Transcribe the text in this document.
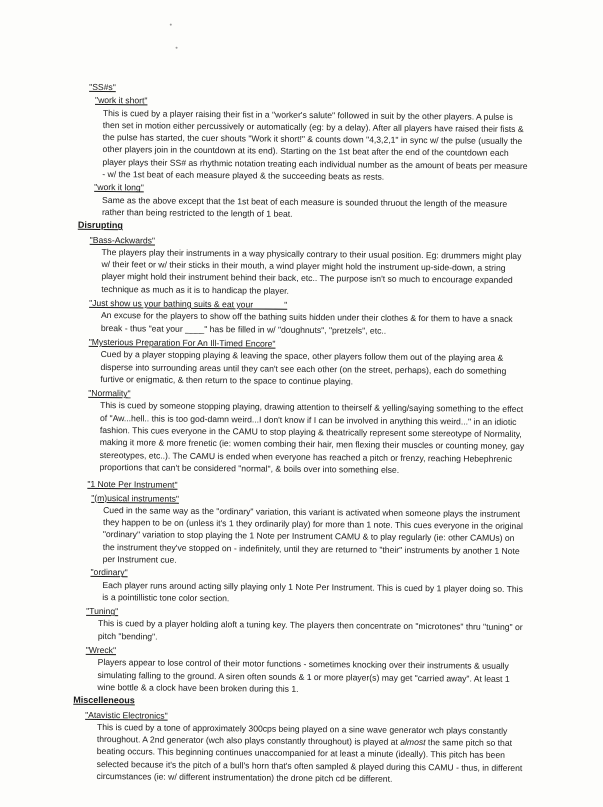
"SS#s"
"work it short"
This is cued by a player raising their fist in a "worker's salute" followed in suit by the other players. A pulse is then set in motion either percussively or automatically (eg: by a delay). After all players have raised their fists & the pulse has started, the cuer shouts "Work it short!" & counts down "4,3,2,1" in sync w/ the pulse (usually the other players join in the countdown at its end). Starting on the 1st beat after the end of the countdown each player plays their SS# as rhythmic notation treating each individual number as the amount of beats per measure - w/ the 1st beat of each measure played & the succeeding beats as rests.
"work it long"
Same as the above except that the 1st beat of each measure is sounded thruout the length of the measure rather than being restricted to the length of 1 beat.
Disrupting
"Bass-Ackwards"
The players play their instruments in a way physically contrary to their usual position. Eg: drummers might play w/ their feet or w/ their sticks in their mouth, a wind player might hold the instrument up-side-down, a string player might hold their instrument behind their back, etc.. The purpose isn't so much to encourage expanded technique as much as it is to handicap the player.
"Just show us your bathing suits & eat your ______"
An excuse for the players to show off the bathing suits hidden under their clothes & for them to have a snack break - thus "eat your ____" has be filled in w/ "doughnuts", "pretzels", etc..
"Mysterious Preparation For An Ill-Timed Encore"
Cued by a player stopping playing & leaving the space, other players follow them out of the playing area & disperse into surrounding areas until they can't see each other (on the street, perhaps), each do something furtive or enigmatic, & then return to the space to continue playing.
"Normality"
This is cued by someone stopping playing, drawing attention to theirself & yelling/saying something to the effect of "Aw...hell.. this is too god-damn weird...I don't know if I can be involved in anything this weird..." in an idiotic fashion. This cues everyone in the CAMU to stop playing & theatrically represent some stereotype of Normality, making it more & more frenetic (ie: women combing their hair, men flexing their muscles or counting money, gay stereotypes, etc..). The CAMU is ended when everyone has reached a pitch or frenzy, reaching Hebephrenic proportions that can't be considered "normal", & boils over into something else.
"1 Note Per Instrument"
"(m)usical instruments"
Cued in the same way as the "ordinary" variation, this variant is activated when someone plays the instrument they happen to be on (unless it's 1 they ordinarily play) for more than 1 note. This cues everyone in the original "ordinary" variation to stop playing the 1 Note per Instrument CAMU & to play regularly (ie: other CAMUs) on the instrument they've stopped on - indefinitely, until they are returned to "their" instruments by another 1 Note per Instrument cue.
"ordinary"
Each player runs around acting silly playing only 1 Note Per Instrument. This is cued by 1 player doing so. This is a pointillistic tone color section.
"Tuning"
This is cued by a player holding aloft a tuning key. The players then concentrate on "microtones" thru "tuning" or pitch "bending".
"Wreck"
Players appear to lose control of their motor functions - sometimes knocking over their instruments & usually simulating falling to the ground. A siren often sounds & 1 or more player(s) may get "carried away". At least 1 wine bottle & a clock have been broken during this 1.
Miscelleneous
"Atavistic Electronics"
This is cued by a tone of approximately 300cps being played on a sine wave generator wch plays constantly throughout. A 2nd generator (wch also plays constantly throughout) is played at almost the same pitch so that beating occurs. This beginning continues unaccompanied for at least a minute (ideally). This pitch has been selected because it's the pitch of a bull's horn that's often sampled & played during this CAMU - thus, in different circumstances (ie: w/ different instrumentation) the drone pitch cd be different.
